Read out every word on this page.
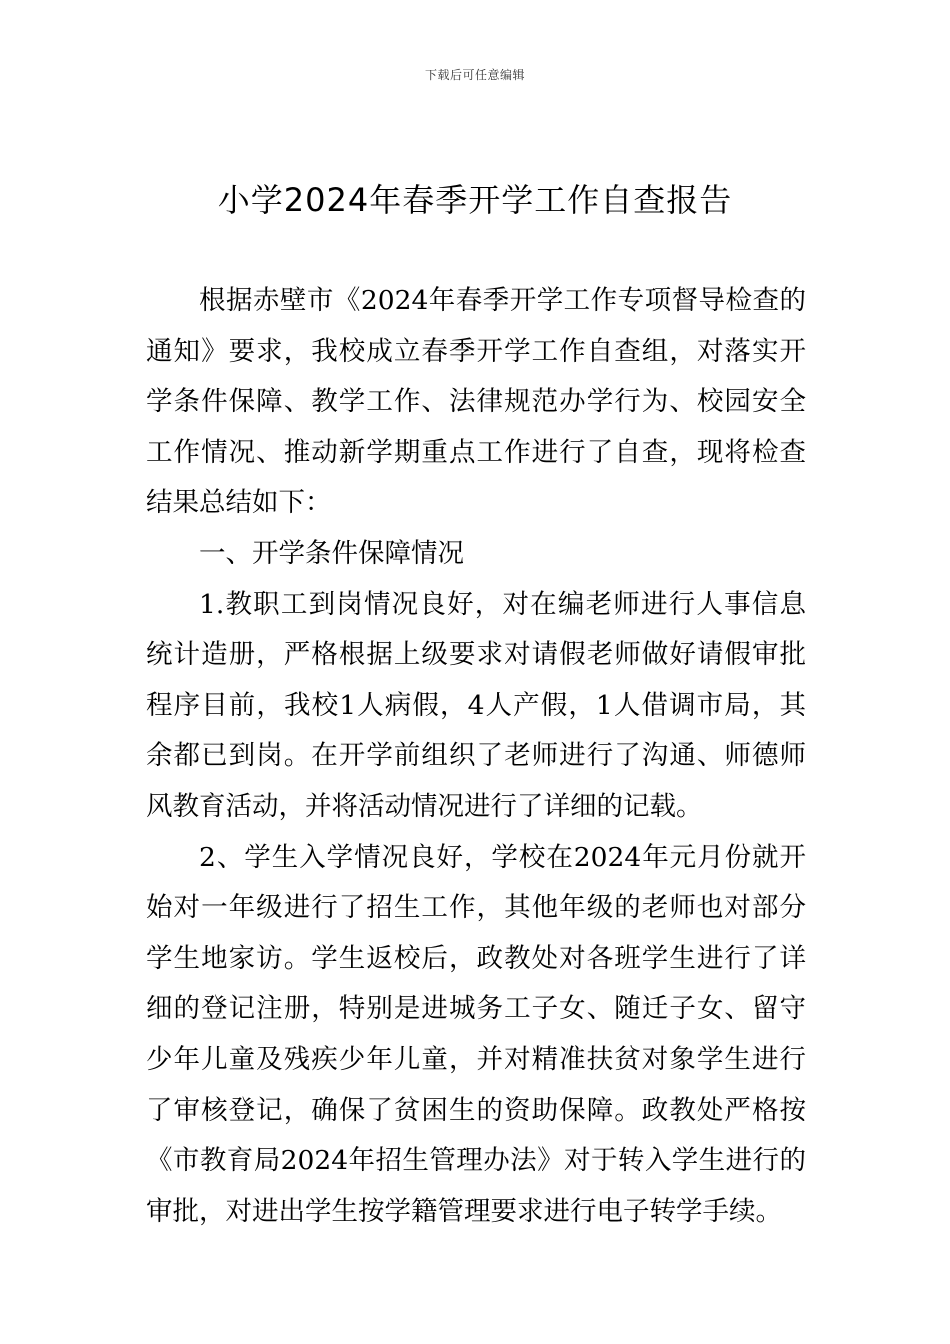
下载后可任意编辑
小学2024年春季开学工作自查报告

根据赤壁市《2024年春季开学工作专项督导检查的通知》要求，我校成立春季开学工作自查组，对落实开学条件保障、教学工作、法律规范办学行为、校园安全工作情况、推动新学期重点工作进行了自查，现将检查结果总结如下：

一、开学条件保障情况

1.教职工到岗情况良好，对在编老师进行人事信息统计造册，严格根据上级要求对请假老师做好请假审批程序目前，我校1人病假，4人产假，1人借调市局，其余都已到岗。在开学前组织了老师进行了沟通、师德师风教育活动，并将活动情况进行了详细的记载。

2、学生入学情况良好，学校在2024年元月份就开始对一年级进行了招生工作，其他年级的老师也对部分学生地家访。学生返校后，政教处对各班学生进行了详细的登记注册，特别是进城务工子女、随迁子女、留守少年儿童及残疾少年儿童，并对精准扶贫对象学生进行了审核登记，确保了贫困生的资助保障。政教处严格按《市教育局2024年招生管理办法》对于转入学生进行的审批，对进出学生按学籍管理要求进行电子转学手续。
